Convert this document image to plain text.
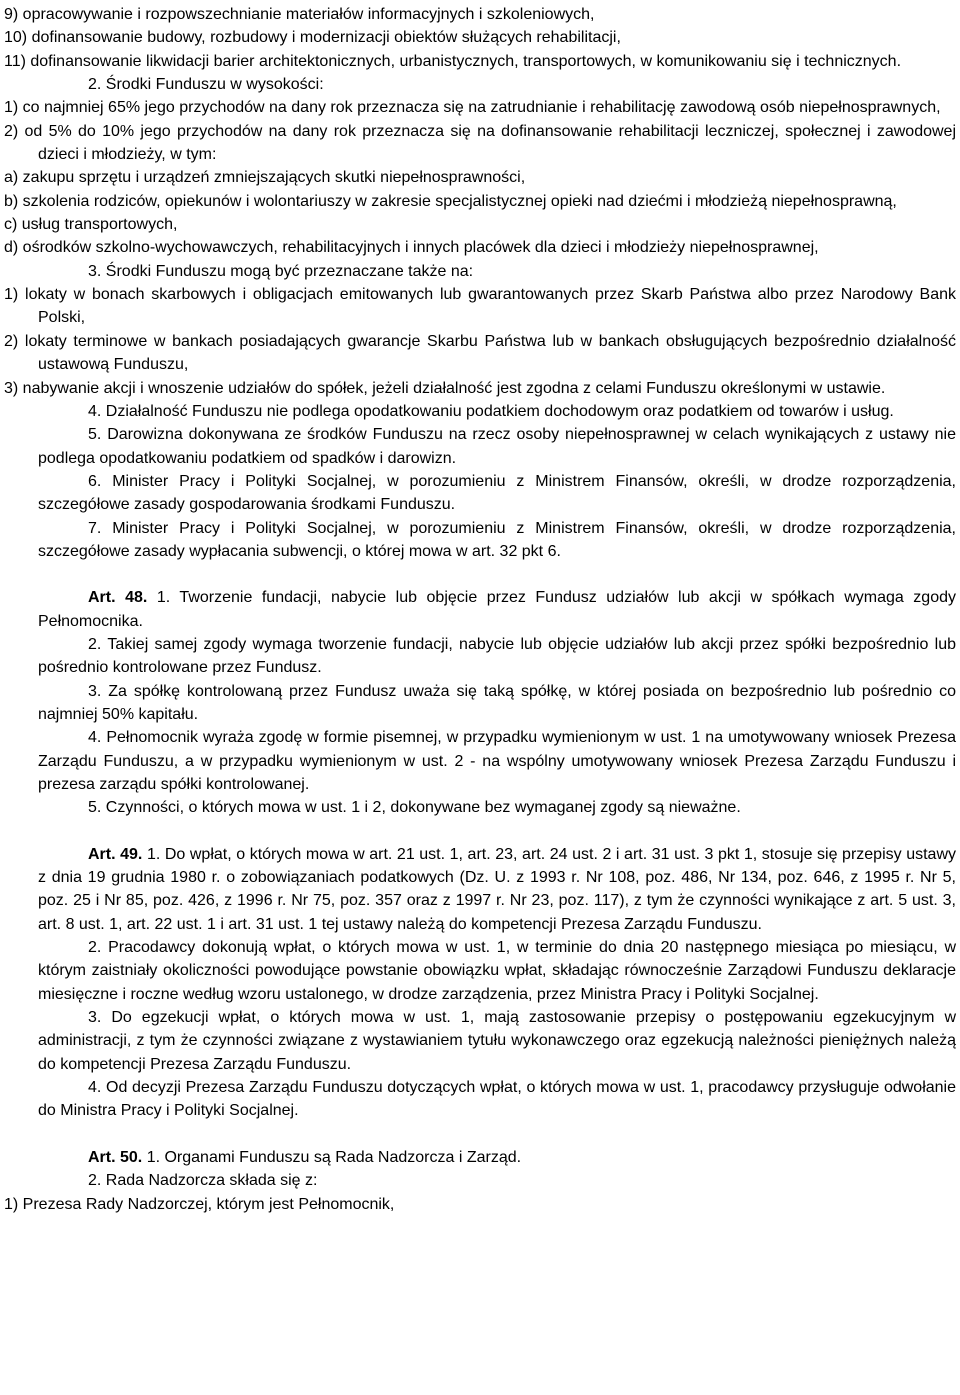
9) opracowywanie i rozpowszechnianie materiałów informacyjnych i szkoleniowych,
10) dofinansowanie budowy, rozbudowy i modernizacji obiektów służących rehabilitacji,
11) dofinansowanie likwidacji barier architektonicznych, urbanistycznych, transportowych, w komunikowaniu się i technicznych.
2. Środki Funduszu w wysokości:
1) co najmniej 65% jego przychodów na dany rok przeznacza się na zatrudnianie i rehabilitację zawodową osób niepełnosprawnych,
2) od 5% do 10% jego przychodów na dany rok przeznacza się na dofinansowanie rehabilitacji leczniczej, społecznej i zawodowej dzieci i młodzieży, w tym:
a) zakupu sprzętu i urządzeń zmniejszających skutki niepełnosprawności,
b) szkolenia rodziców, opiekunów i wolontariuszy w zakresie specjalistycznej opieki nad dziećmi i młodzieżą niepełnosprawną,
c) usług transportowych,
d) ośrodków szkolno-wychowawczych, rehabilitacyjnych i innych placówek dla dzieci i młodzieży niepełnosprawnej,
3. Środki Funduszu mogą być przeznaczane także na:
1) lokaty w bonach skarbowych i obligacjach emitowanych lub gwarantowanych przez Skarb Państwa albo przez Narodowy Bank Polski,
2) lokaty terminowe w bankach posiadających gwarancje Skarbu Państwa lub w bankach obsługujących bezpośrednio działalność ustawową Funduszu,
3) nabywanie akcji i wnoszenie udziałów do spółek, jeżeli działalność jest zgodna z celami Funduszu określonymi w ustawie.
4. Działalność Funduszu nie podlega opodatkowaniu podatkiem dochodowym oraz podatkiem od towarów i usług.
5. Darowizna dokonywana ze środków Funduszu na rzecz osoby niepełnosprawnej w celach wynikających z ustawy nie podlega opodatkowaniu podatkiem od spadków i darowizn.
6. Minister Pracy i Polityki Socjalnej, w porozumieniu z Ministrem Finansów, określi, w drodze rozporządzenia, szczegółowe zasady gospodarowania środkami Funduszu.
7. Minister Pracy i Polityki Socjalnej, w porozumieniu z Ministrem Finansów, określi, w drodze rozporządzenia, szczegółowe zasady wypłacania subwencji, o której mowa w art. 32 pkt 6.
Art. 48. 1. Tworzenie fundacji, nabycie lub objęcie przez Fundusz udziałów lub akcji w spółkach wymaga zgody Pełnomocnika.
2. Takiej samej zgody wymaga tworzenie fundacji, nabycie lub objęcie udziałów lub akcji przez spółki bezpośrednio lub pośrednio kontrolowane przez Fundusz.
3. Za spółkę kontrolowaną przez Fundusz uważa się taką spółkę, w której posiada on bezpośrednio lub pośrednio co najmniej 50% kapitału.
4. Pełnomocnik wyraża zgodę w formie pisemnej, w przypadku wymienionym w ust. 1 na umotywowany wniosek Prezesa Zarządu Funduszu, a w przypadku wymienionym w ust. 2 - na wspólny umotywowany wniosek Prezesa Zarządu Funduszu i prezesa zarządu spółki kontrolowanej.
5. Czynności, o których mowa w ust. 1 i 2, dokonywane bez wymaganej zgody są nieważne.
Art. 49. 1. Do wpłat, o których mowa w art. 21 ust. 1, art. 23, art. 24 ust. 2 i art. 31 ust. 3 pkt 1, stosuje się przepisy ustawy z dnia 19 grudnia 1980 r. o zobowiązaniach podatkowych (Dz. U. z 1993 r. Nr 108, poz. 486, Nr 134, poz. 646, z 1995 r. Nr 5, poz. 25 i Nr 85, poz. 426, z 1996 r. Nr 75, poz. 357 oraz z 1997 r. Nr 23, poz. 117), z tym że czynności wynikające z art. 5 ust. 3, art. 8 ust. 1, art. 22 ust. 1 i art. 31 ust. 1 tej ustawy należą do kompetencji Prezesa Zarządu Funduszu.
2. Pracodawcy dokonują wpłat, o których mowa w ust. 1, w terminie do dnia 20 następnego miesiąca po miesiącu, w którym zaistniały okoliczności powodujące powstanie obowiązku wpłat, składając równocześnie Zarządowi Funduszu deklaracje miesięczne i roczne według wzoru ustalonego, w drodze zarządzenia, przez Ministra Pracy i Polityki Socjalnej.
3. Do egzekucji wpłat, o których mowa w ust. 1, mają zastosowanie przepisy o postępowaniu egzekucyjnym w administracji, z tym że czynności związane z wystawianiem tytułu wykonawczego oraz egzekucją należności pieniężnych należą do kompetencji Prezesa Zarządu Funduszu.
4. Od decyzji Prezesa Zarządu Funduszu dotyczących wpłat, o których mowa w ust. 1, pracodawcy przysługuje odwołanie do Ministra Pracy i Polityki Socjalnej.
Art. 50. 1. Organami Funduszu są Rada Nadzorcza i Zarząd.
2. Rada Nadzorcza składa się z:
1) Prezesa Rady Nadzorczej, którym jest Pełnomocnik,
